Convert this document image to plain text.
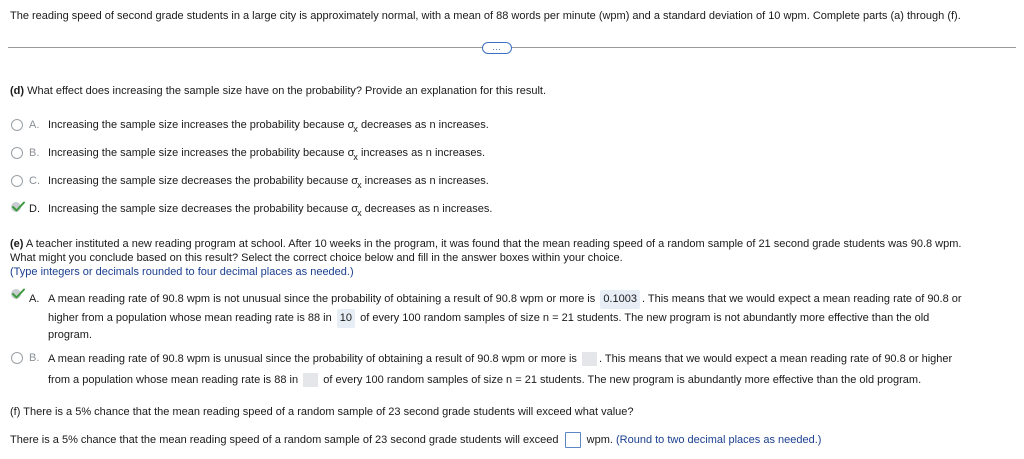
The reading speed of second grade students in a large city is approximately normal, with a mean of 88 words per minute (wpm) and a standard deviation of 10 wpm. Complete parts (a) through (f).
…
(d) What effect does increasing the sample size have on the probability? Provide an explanation for this result.
A. Increasing the sample size increases the probability because $\sigma_x$ decreases as n increases.
B. Increasing the sample size increases the probability because $\sigma_x$ increases as n increases.
C. Increasing the sample size decreases the probability because $\sigma_x$ increases as n increases.
D. Increasing the sample size decreases the probability because $\sigma_x$ decreases as n increases.
(e) A teacher instituted a new reading program at school. After 10 weeks in the program, it was found that the mean reading speed of a random sample of 21 second grade students was 90.8 wpm.
What might you conclude based on this result? Select the correct choice below and fill in the answer boxes within your choice.
(Type integers or decimals rounded to four decimal places as needed.)
A. A mean reading rate of 90.8 wpm is not unusual since the probability of obtaining a result of 90.8 wpm or more is 0.1003 . This means that we would expect a mean reading rate of 90.8 or
higher from a population whose mean reading rate is 88 in 10 of every 100 random samples of size n = 21 students. The new program is not abundantly more effective than the old
program.
B. A mean reading rate of 90.8 wpm is unusual since the probability of obtaining a result of 90.8 wpm or more is . This means that we would expect a mean reading rate of 90.8 or higher
from a population whose mean reading rate is 88 in of every 100 random samples of size n = 21 students. The new program is abundantly more effective than the old program.
(f) There is a 5% chance that the mean reading speed of a random sample of 23 second grade students will exceed what value?
There is a 5% chance that the mean reading speed of a random sample of 23 second grade students will exceed	wpm. (Round to two decimal places as needed.)
